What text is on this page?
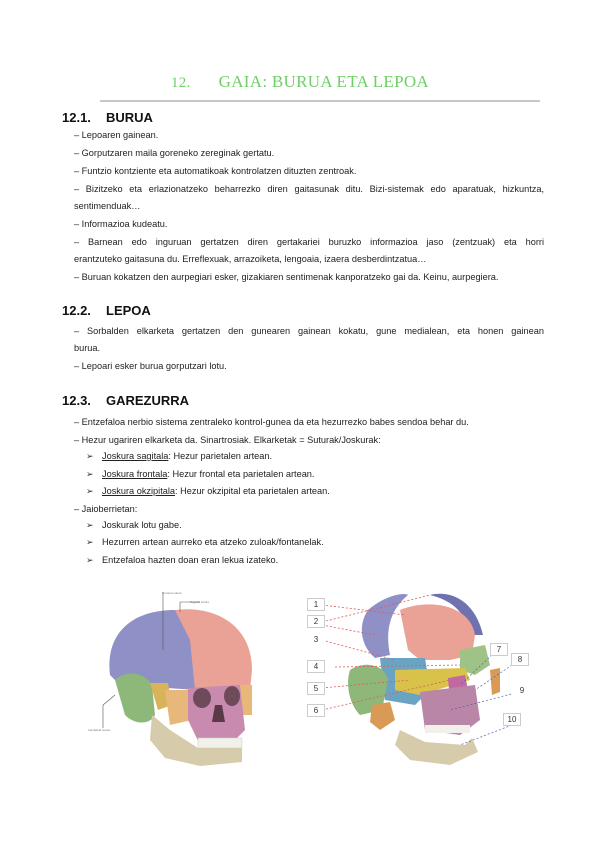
12. GAIA: BURUA ETA LEPOA
12.1. BURUA
– Lepoaren gainean.
– Gorputzaren maila goreneko zereginak gertatu.
– Funtzio kontziente eta automatikoak kontrolatzen dituzten zentroak.
– Bizitzeko eta erlazionatzeko beharrezko diren gaitasunak ditu. Bizi-sistemak edo aparatuak, hizkuntza,
sentimenduak…
– Informazioa kudeatu.
– Barnean edo inguruan gertatzen diren gertakariei buruzko informazioa jaso (zentzuak) eta horri
erantzuteko gaitasuna du. Erreflexuak, arrazoiketa, lengoaia, izaera desberdintzatua…
– Buruan kokatzen den aurpegiari esker, gizakiaren sentimenak kanporatzeko gai da. Keinu, aurpegiera.
12.2. LEPOA
– Sorbalden elkarketa gertatzen den gunearen gainean kokatu, gune medialean, eta honen gainean
burua.
– Lepoari esker burua gorputzari lotu.
12.3. GAREZURRA
– Entzefaloa nerbio sistema zentraleko kontrol-gunea da eta hezurrezko babes sendoa behar du.
– Hezur ugariren elkarketa da. Sinartrosiak. Elkarketak = Suturak/Joskurak:
➢ Joskura sagitala: Hezur parietalen artean.
➢ Joskura frontala: Hezur frontal eta parietalen artean.
➢ Joskura okzipitala: Hezur okzipital eta parietalen artean.
– Jaioberrietan:
➢ Joskurak lotu gabe.
➢ Hezurren artean aurreko eta atzeko zuloak/fontanelak.
➢ Entzefaloa hazten doan eran lekua izateko.
Coronal suture
Sagittal suture
Lambdoid suture
1
2
3
4
5
6
7
8
9
10
